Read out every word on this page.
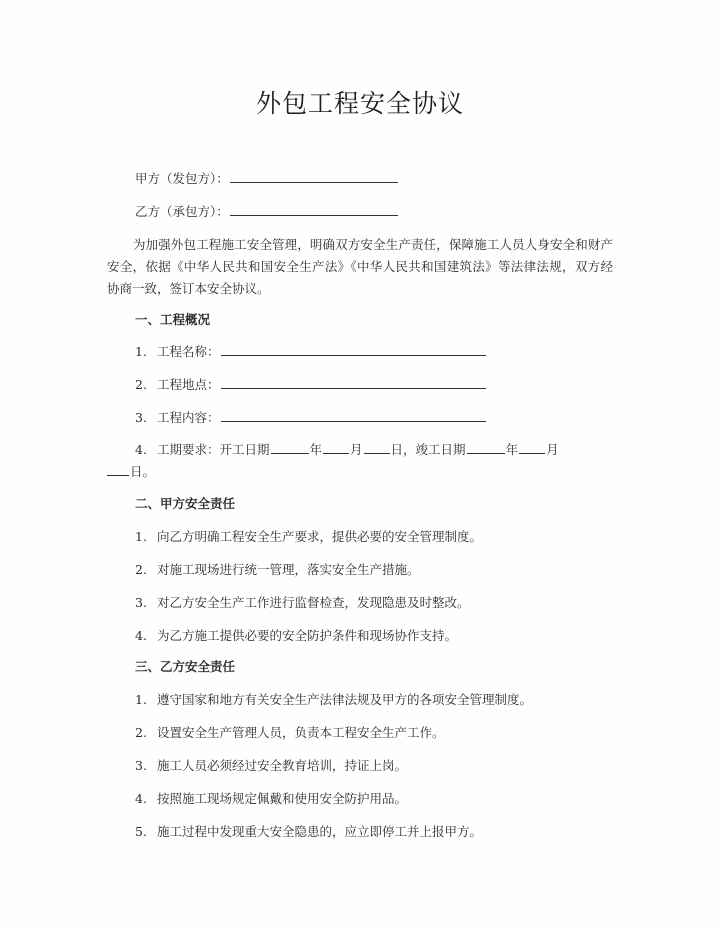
外包工程安全协议
甲方（发包方）：
乙方（承包方）：
为加强外包工程施工安全管理，明确双方安全生产责任，保障施工人员人身安全和财产安全，依据《中华人民共和国安全生产法》《中华人民共和国建筑法》等法律法规，双方经协商一致，签订本安全协议。
一、工程概况
1. 工程名称：
2. 工程地点：
3. 工程内容：
4. 工期要求：开工日期	年 月 日，竣工日期	年 月
日。
二、甲方安全责任
1. 向乙方明确工程安全生产要求，提供必要的安全管理制度。
2. 对施工现场进行统一管理，落实安全生产措施。
3. 对乙方安全生产工作进行监督检查，发现隐患及时整改。
4. 为乙方施工提供必要的安全防护条件和现场协作支持。
三、乙方安全责任
1. 遵守国家和地方有关安全生产法律法规及甲方的各项安全管理制度。
2. 设置安全生产管理人员，负责本工程安全生产工作。
3. 施工人员必须经过安全教育培训，持证上岗。
4. 按照施工现场规定佩戴和使用安全防护用品。
5. 施工过程中发现重大安全隐患的，应立即停工并上报甲方。
